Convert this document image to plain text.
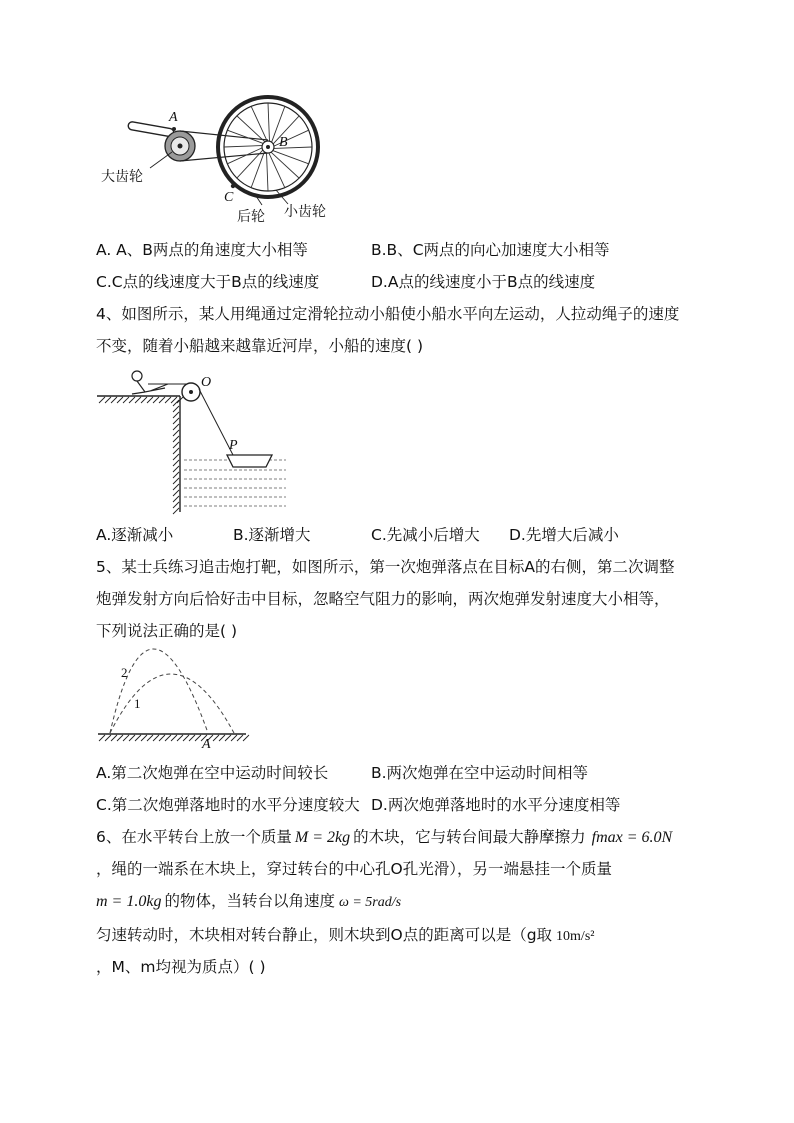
A
B
C
大齿轮
后轮 小齿轮
A. A、B两点的角速度大小相等	B.B、C两点的向心加速度大小相等
C.C点的线速度大于B点的线速度	D.A点的线速度小于B点的线速度
4、如图所示，某人用绳通过定滑轮拉动小船使小船水平向左运动，人拉动绳子的速度
不变，随着小船越来越靠近河岸，小船的速度( )
O
P
A.逐渐减小	B.逐渐增大	C.先减小后增大 D.先增大后减小
5、某士兵练习追击炮打靶，如图所示，第一次炮弹落点在目标A的右侧，第二次调整
炮弹发射方向后恰好击中目标，忽略空气阻力的影响，两次炮弹发射速度大小相等，
下列说法正确的是( )
2
1
A
A.第二次炮弹在空中运动时间较长	B.两次炮弹在空中运动时间相等
C.第二次炮弹落地时的水平分速度较大 D.两次炮弹落地时的水平分速度相等
6、在水平转台上放一个质量 M = 2kg 的木块，它与转台间最大静摩擦力 fmax = 6.0N
，绳的一端系在木块上，穿过转台的中心孔O孔光滑），另一端悬挂一个质量
m = 1.0kg 的物体，当转台以角速度 ω = 5rad/s
匀速转动时，木块相对转台静止，则木块到O点的距离可以是（g取 10m/s²
，M、m均视为质点）( )
